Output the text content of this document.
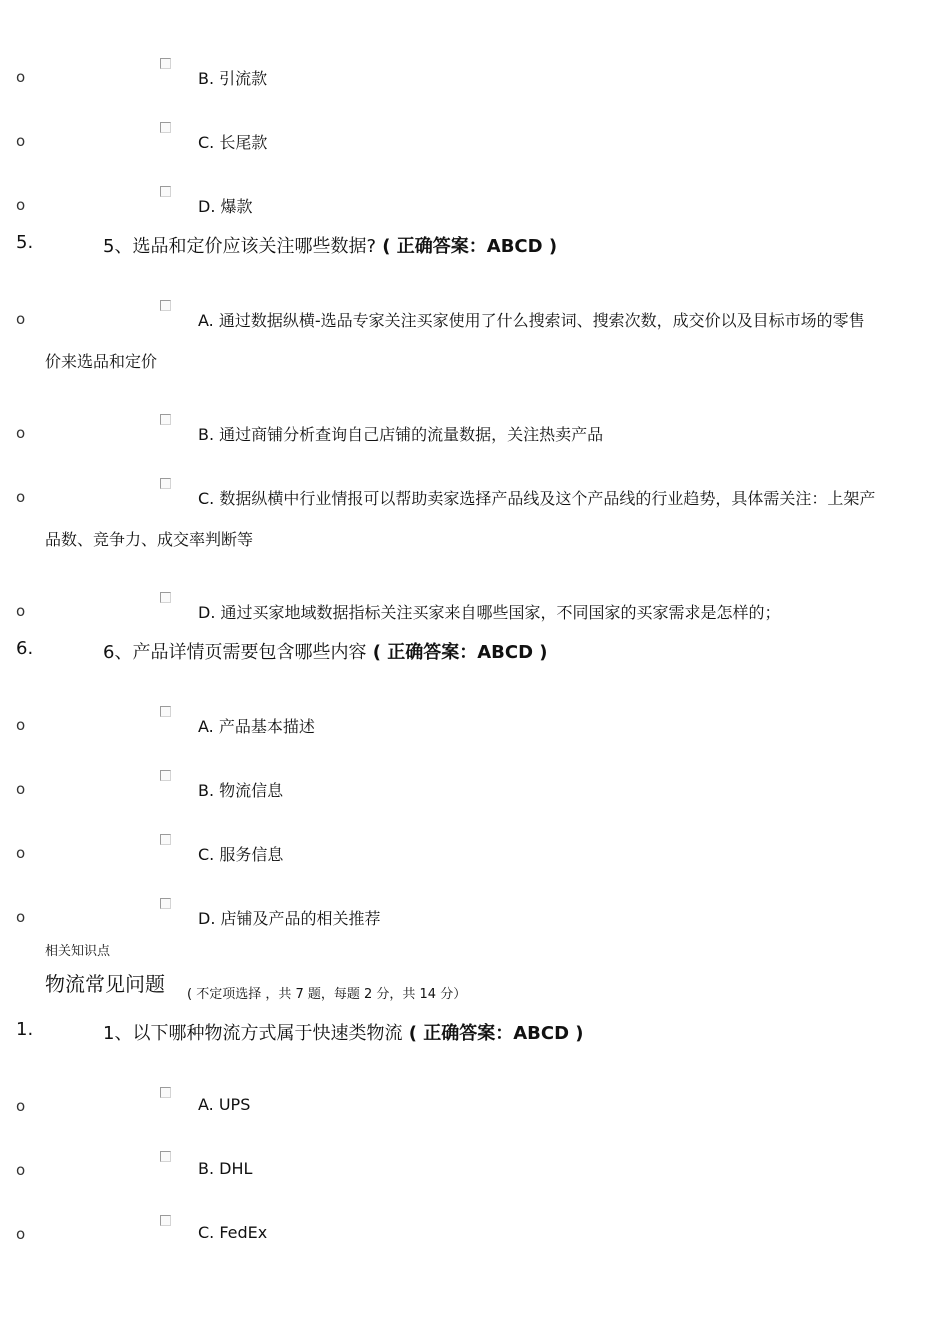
o	B. 引流款
o	C. 长尾款
o	D. 爆款
5.	5、选品和定价应该关注哪些数据? ( 正确答案：ABCD )
o	A. 通过数据纵横-选品专家关注买家使用了什么搜索词、搜索次数，成交价以及目标市场的零售
价来选品和定价
o	B. 通过商铺分析查询自己店铺的流量数据，关注热卖产品
o	C. 数据纵横中行业情报可以帮助卖家选择产品线及这个产品线的行业趋势，具体需关注：上架产
品数、竞争力、成交率判断等
o	D. 通过买家地域数据指标关注买家来自哪些国家，不同国家的买家需求是怎样的；
6.	6、产品详情页需要包含哪些内容 ( 正确答案：ABCD )
o	A. 产品基本描述
o	B. 物流信息
o	C. 服务信息
o	D. 店铺及产品的相关推荐
相关知识点
物流常见问题 ( 不定项选择 ，共 7 题，每题 2 分，共 14 分）
1.	1、以下哪种物流方式属于快速类物流 ( 正确答案：ABCD )
o	A. UPS
o	B. DHL
o	C. FedEx
